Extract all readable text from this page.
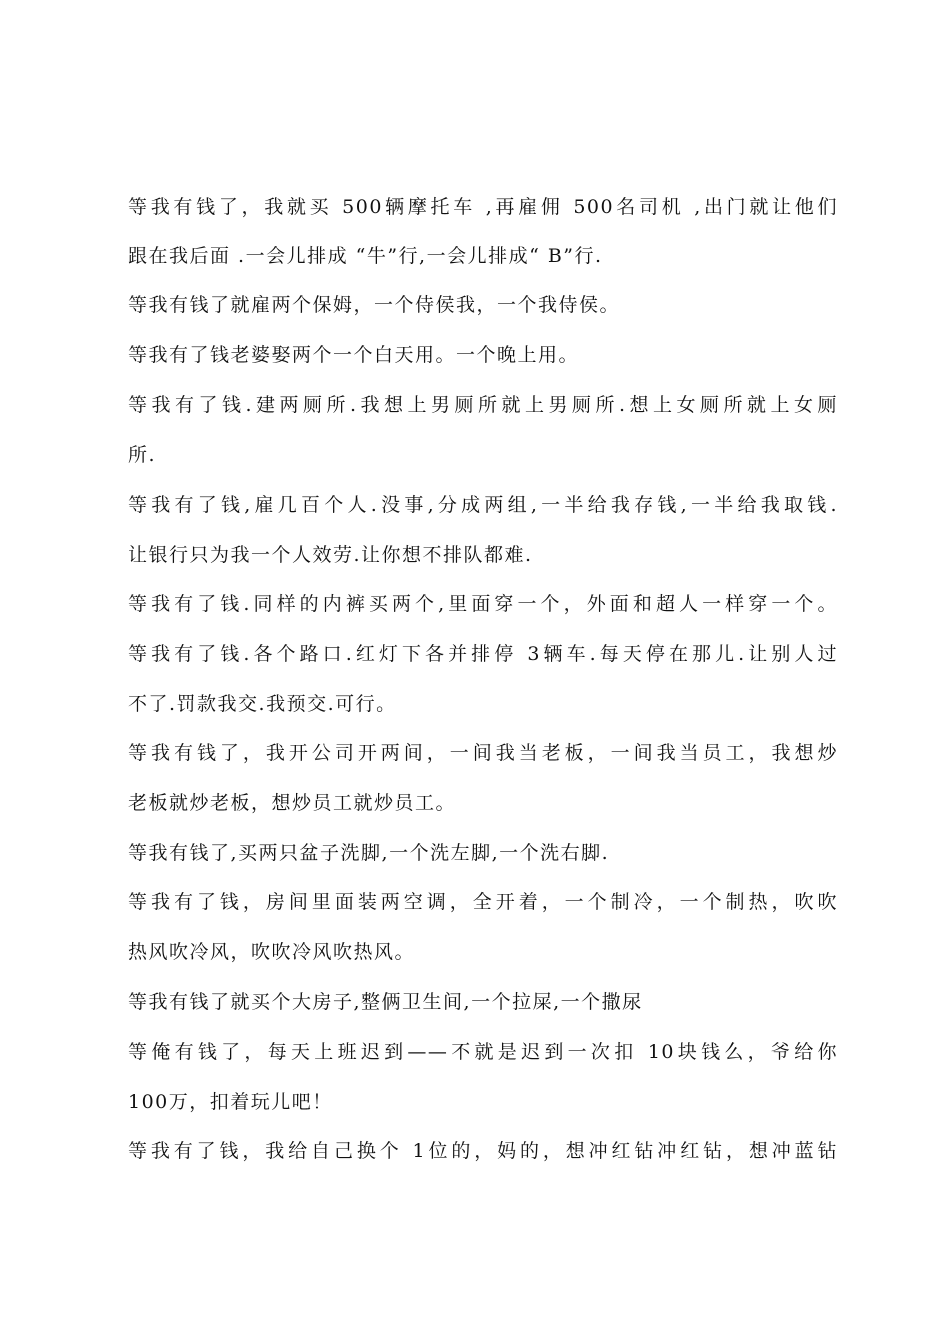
等我有钱了，我就买 500辆摩托车 ,再雇佣 500名司机 ,出门就让他们
跟在我后面 .一会儿排成 “牛”行,一会儿排成“ B”行.
等我有钱了就雇两个保姆，一个侍侯我，一个我侍侯。
等我有了钱老婆娶两个一个白天用。一个晚上用。
等我有了钱.建两厕所.我想上男厕所就上男厕所.想上女厕所就上女厕
所.
等我有了钱,雇几百个人.没事,分成两组,一半给我存钱,一半给我取钱.
让银行只为我一个人效劳.让你想不排队都难.
等我有了钱.同样的内裤买两个,里面穿一个，外面和超人一样穿一个。
等我有了钱.各个路口.红灯下各并排停 3辆车.每天停在那儿.让别人过
不了.罚款我交.我预交.可行。
等我有钱了，我开公司开两间，一间我当老板，一间我当员工，我想炒
老板就炒老板，想炒员工就炒员工。
等我有钱了,买两只盆子洗脚,一个洗左脚,一个洗右脚.
等我有了钱，房间里面装两空调，全开着，一个制冷，一个制热，吹吹
热风吹冷风，吹吹冷风吹热风。
等我有钱了就买个大房子,整俩卫生间,一个拉屎,一个撒尿
等俺有钱了，每天上班迟到——不就是迟到一次扣 10块钱么，爷给你
100万，扣着玩儿吧！
等我有了钱，我给自己换个 1位的，妈的，想冲红钻冲红钻，想冲蓝钻
